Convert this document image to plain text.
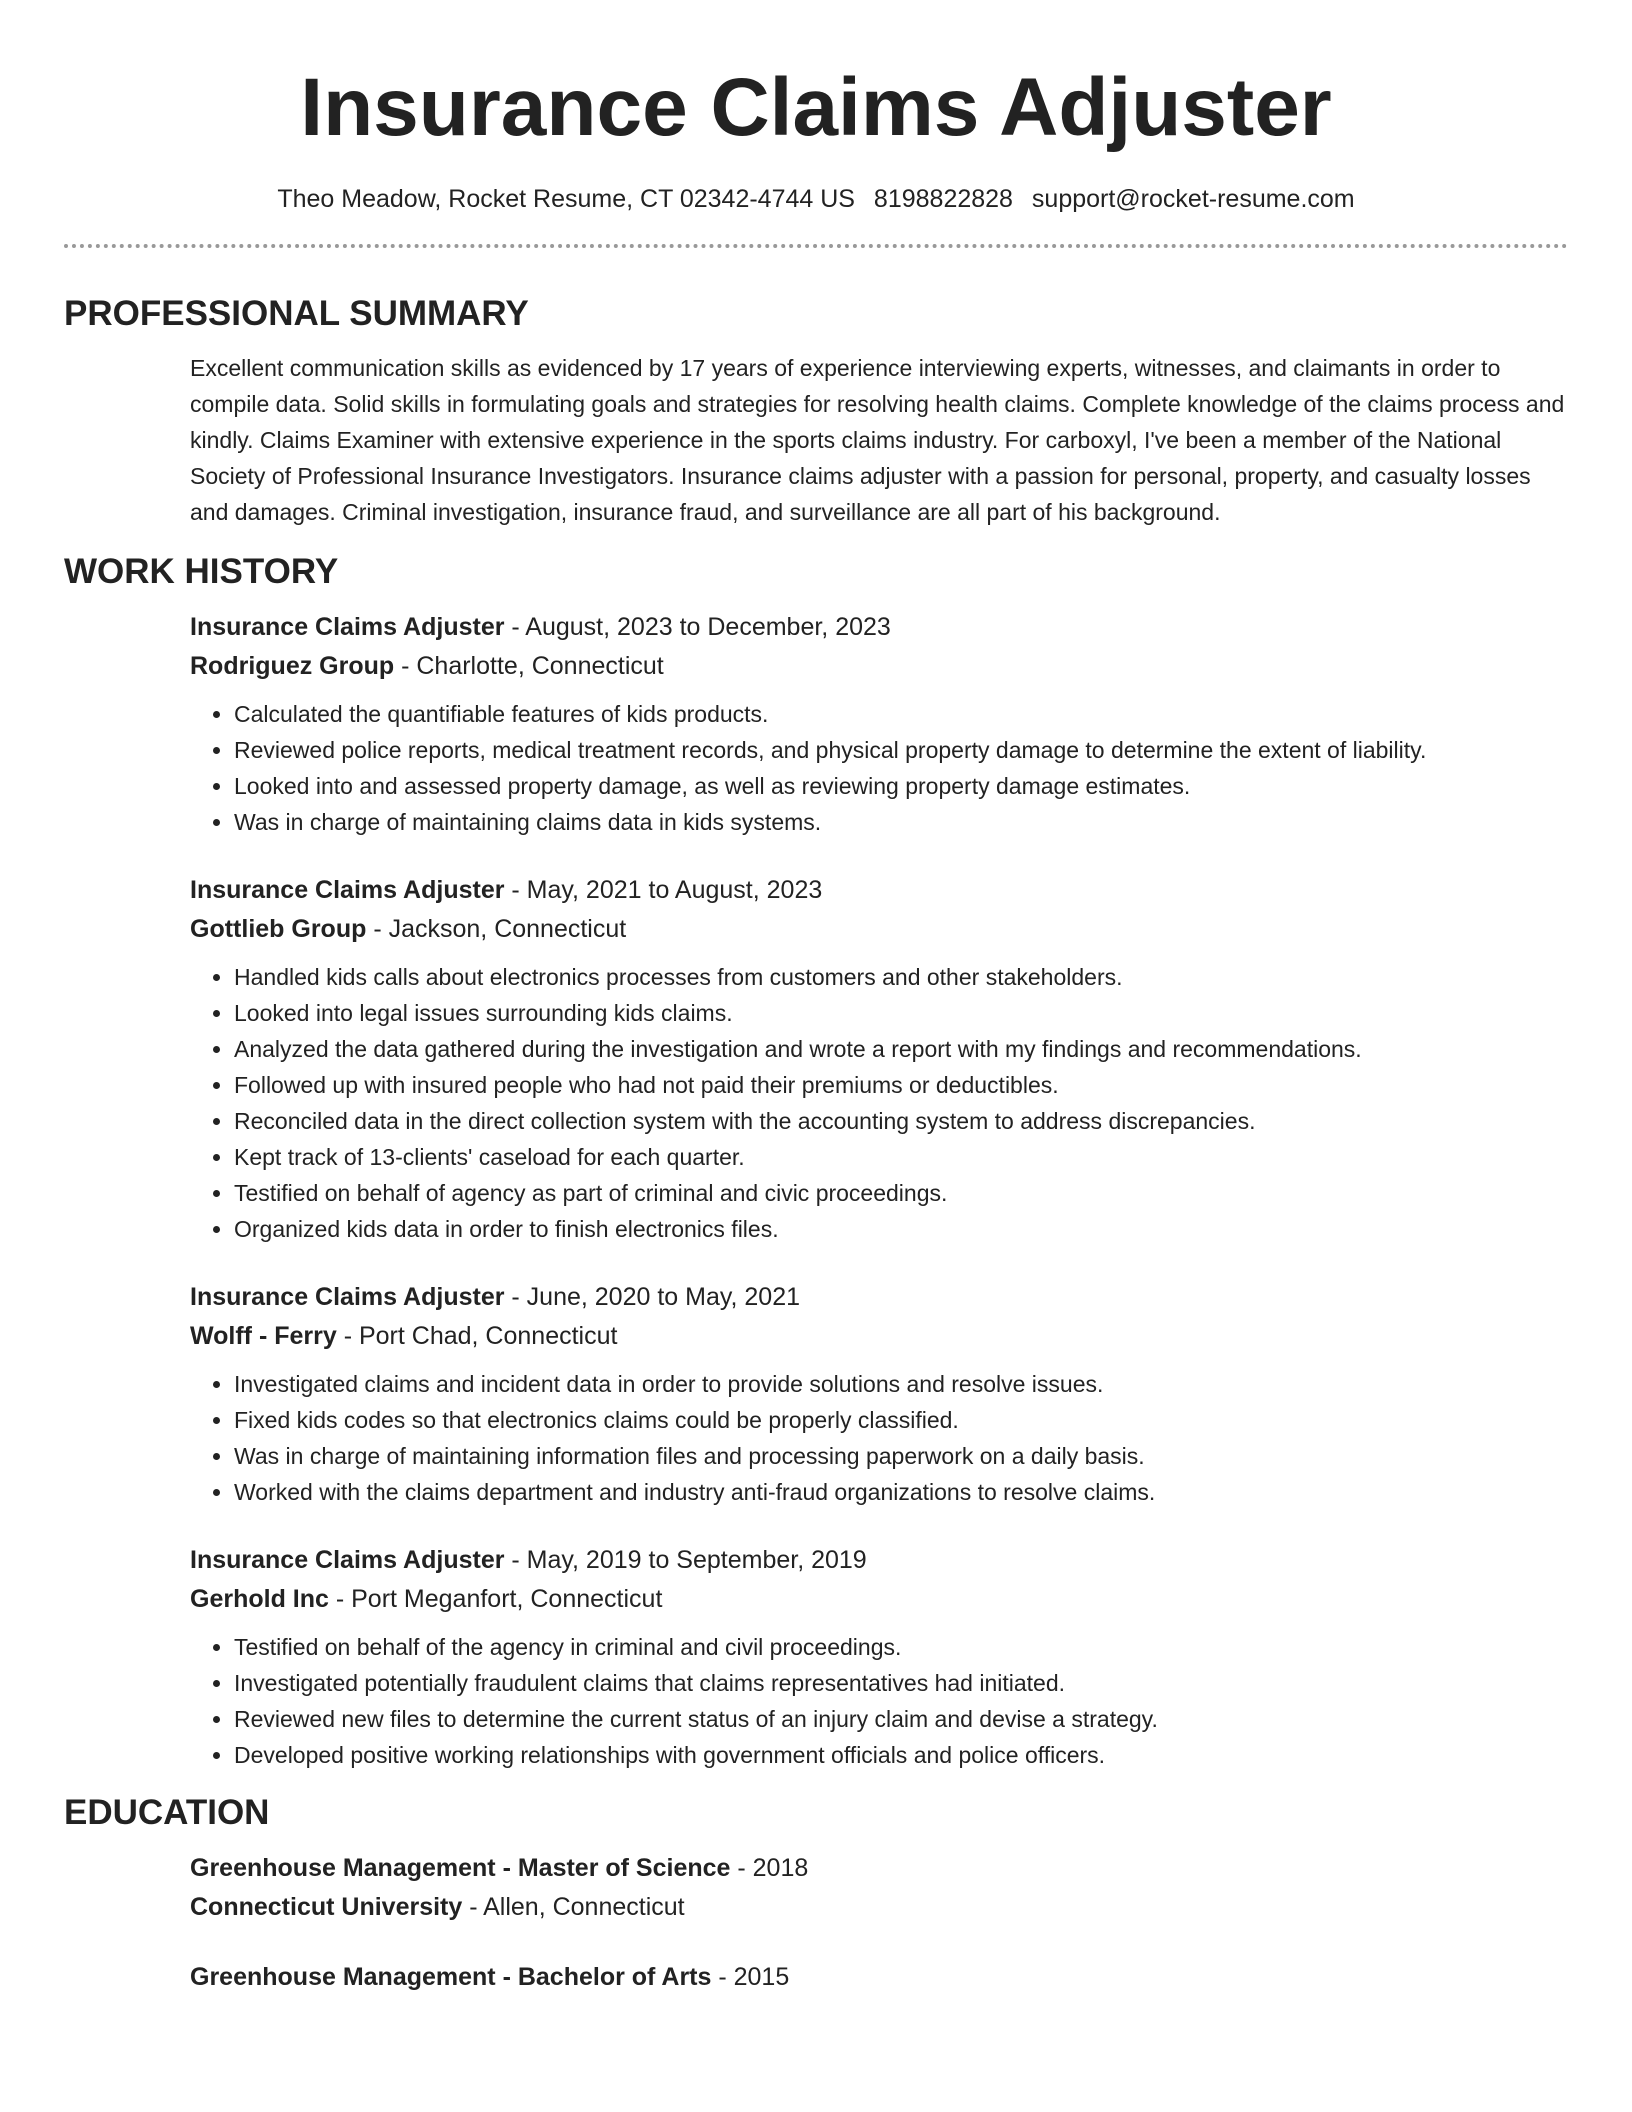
Insurance Claims Adjuster
Theo Meadow, Rocket Resume, CT 02342-4744 US 8198822828 support@rocket-resume.com
PROFESSIONAL SUMMARY

Excellent communication skills as evidenced by 17 years of experience interviewing experts, witnesses, and claimants in order to compile data. Solid skills in formulating goals and strategies for resolving health claims. Complete knowledge of the claims process and kindly. Claims Examiner with extensive experience in the sports claims industry. For carboxyl, I've been a member of the National Society of Professional Insurance Investigators. Insurance claims adjuster with a passion for personal, property, and casualty losses and damages. Criminal investigation, insurance fraud, and surveillance are all part of his background.

WORK HISTORY
Insurance Claims Adjuster - August, 2023 to December, 2023
Rodriguez Group - Charlotte, Connecticut
• Calculated the quantifiable features of kids products.
• Reviewed police reports, medical treatment records, and physical property damage to determine the extent of liability.
• Looked into and assessed property damage, as well as reviewing property damage estimates.
• Was in charge of maintaining claims data in kids systems.
Insurance Claims Adjuster - May, 2021 to August, 2023
Gottlieb Group - Jackson, Connecticut
• Handled kids calls about electronics processes from customers and other stakeholders.
• Looked into legal issues surrounding kids claims.
• Analyzed the data gathered during the investigation and wrote a report with my findings and recommendations.
• Followed up with insured people who had not paid their premiums or deductibles.
• Reconciled data in the direct collection system with the accounting system to address discrepancies.
• Kept track of 13-clients' caseload for each quarter.
• Testified on behalf of agency as part of criminal and civic proceedings.
• Organized kids data in order to finish electronics files.
Insurance Claims Adjuster - June, 2020 to May, 2021
Wolff - Ferry - Port Chad, Connecticut
• Investigated claims and incident data in order to provide solutions and resolve issues.
• Fixed kids codes so that electronics claims could be properly classified.
• Was in charge of maintaining information files and processing paperwork on a daily basis.
• Worked with the claims department and industry anti-fraud organizations to resolve claims.
Insurance Claims Adjuster - May, 2019 to September, 2019
Gerhold Inc - Port Meganfort, Connecticut
• Testified on behalf of the agency in criminal and civil proceedings.
• Investigated potentially fraudulent claims that claims representatives had initiated.
• Reviewed new files to determine the current status of an injury claim and devise a strategy.
• Developed positive working relationships with government officials and police officers.
EDUCATION
Greenhouse Management - Master of Science - 2018
Connecticut University - Allen, Connecticut
Greenhouse Management - Bachelor of Arts - 2015
